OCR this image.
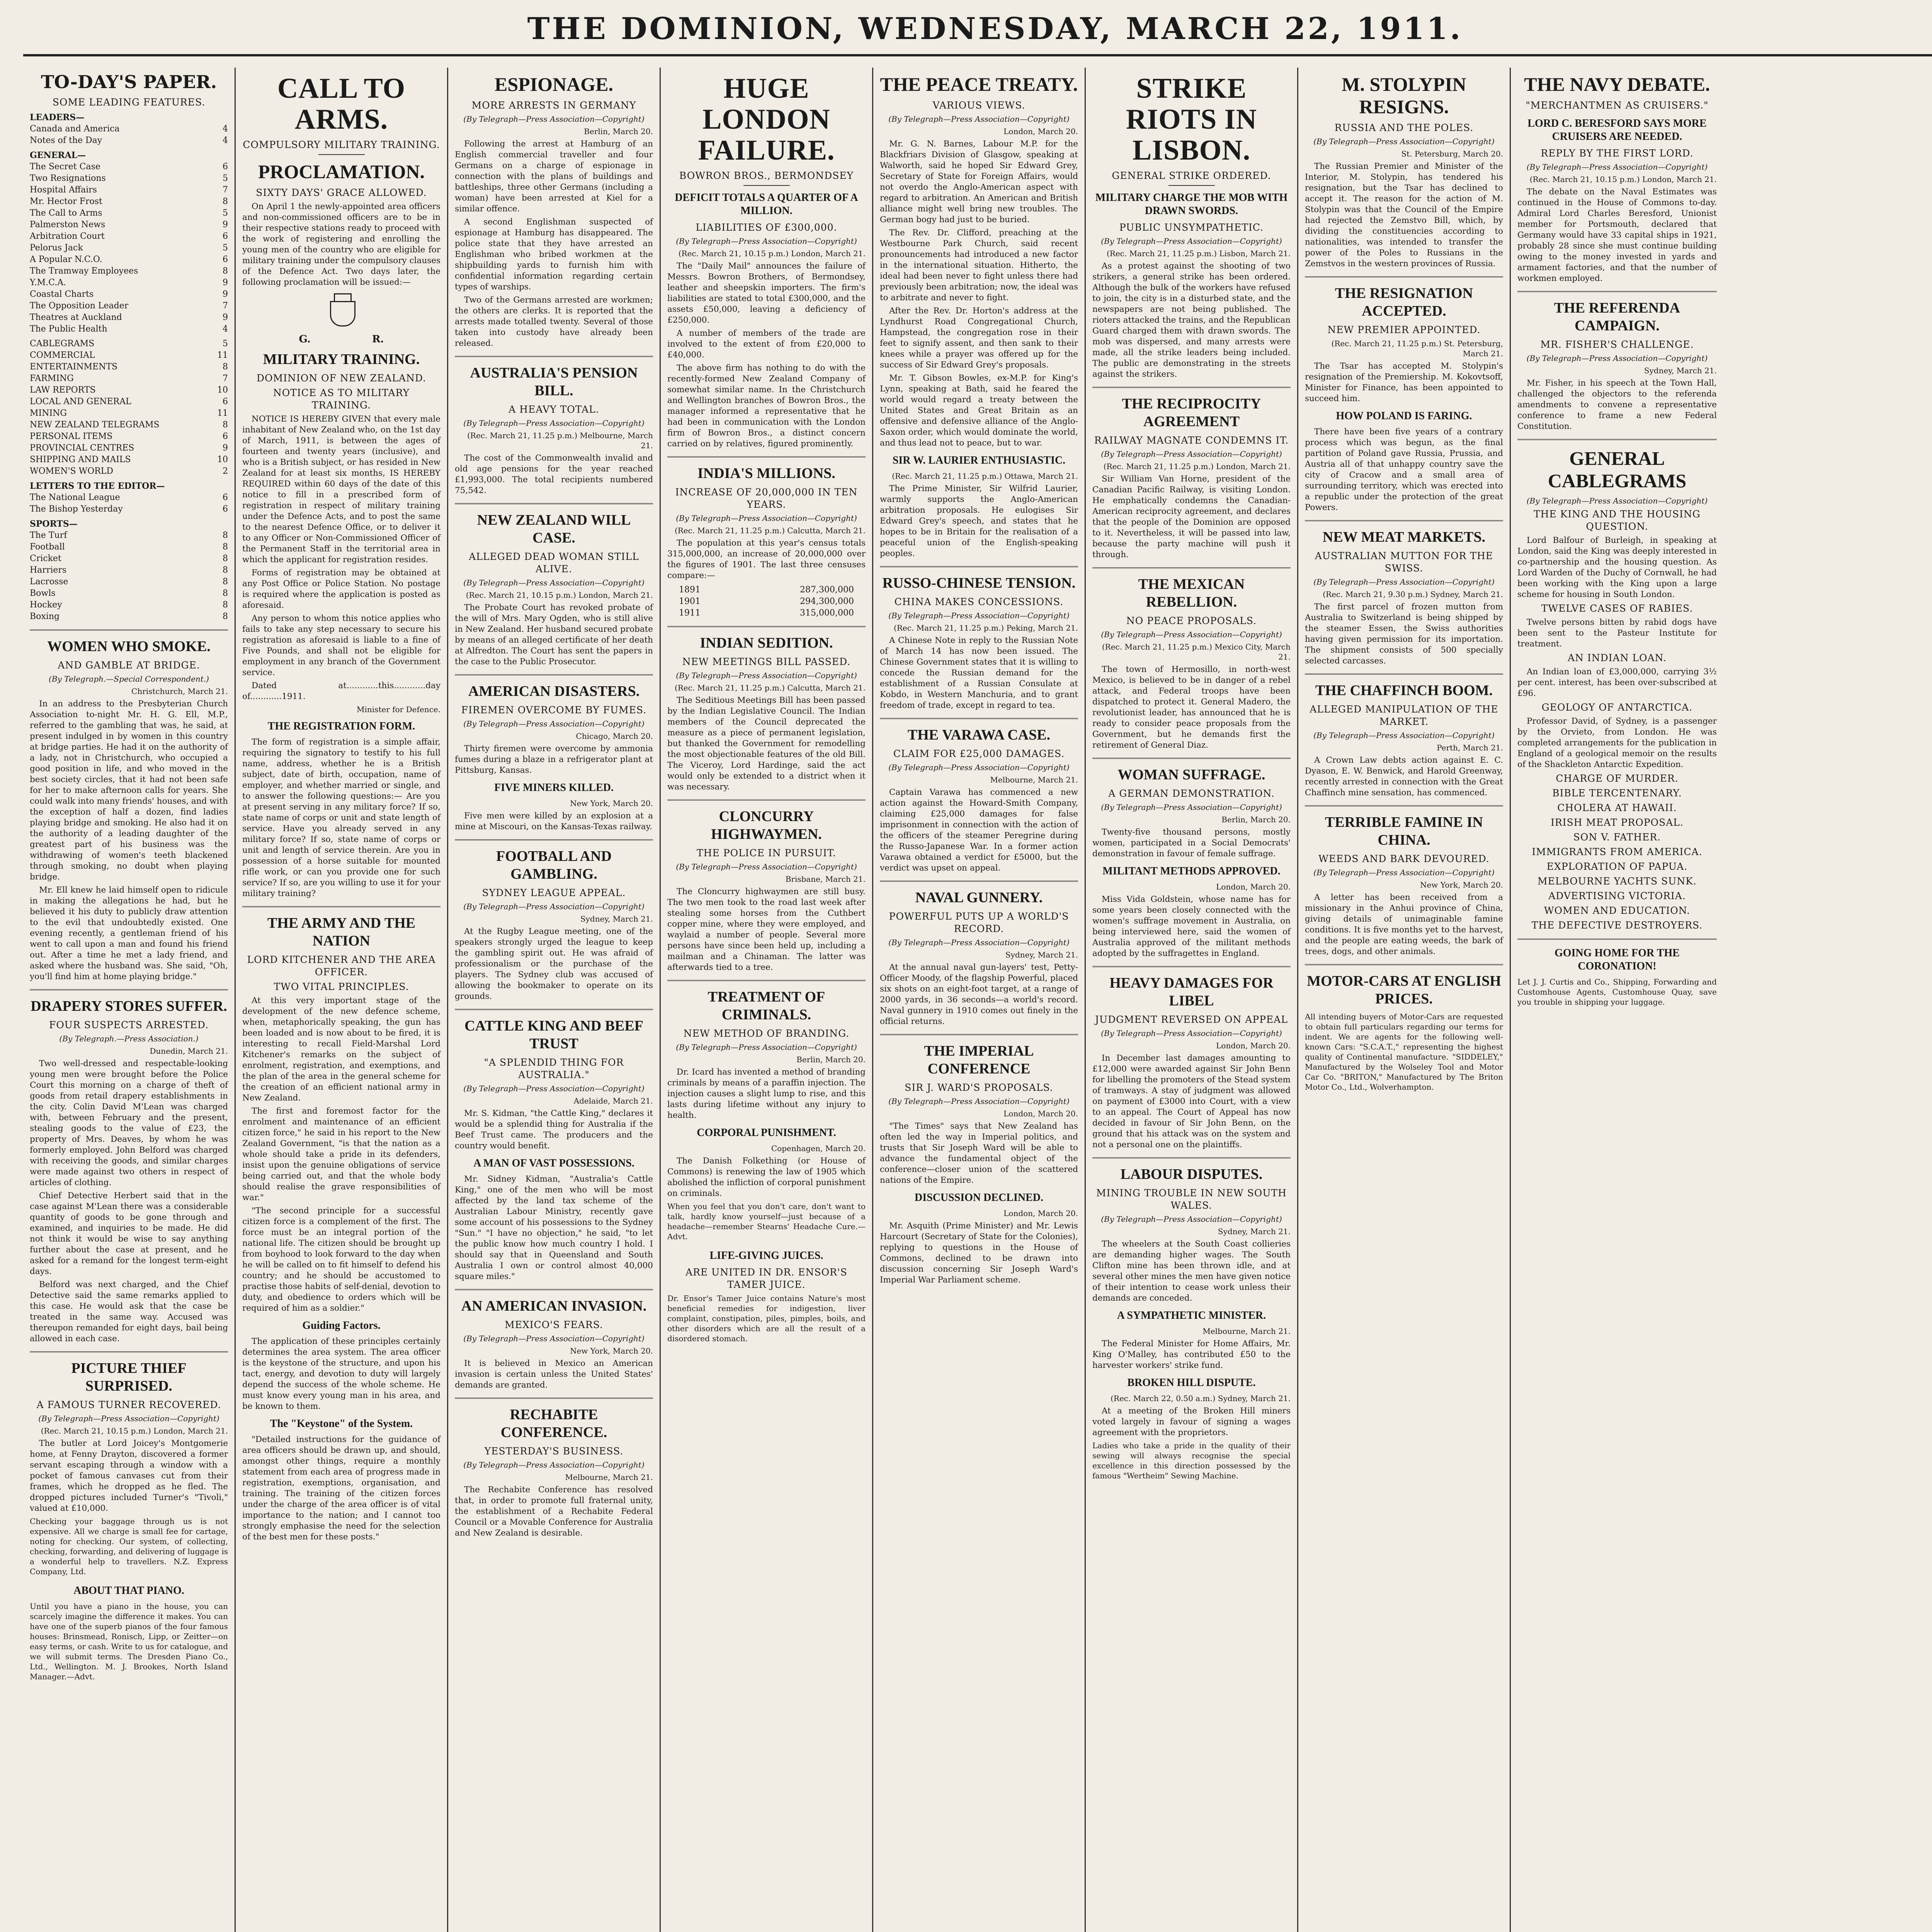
THE DOMINION, WEDNESDAY, MARCH 22, 1911.
TO-DAY'S PAPER.
SOME LEADING FEATURES.
LEADERS—
Canada and America	4
Notes of the Day	4
GENERAL—
The Secret Case	6
Two Resignations	5
Hospital Affairs	7
Mr. Hector Frost	8
The Call to Arms	5
Palmerston News	9
Arbitration Court	6
Pelorus Jack	5
A Popular N.C.O.	6
The Tramway Employees	8
Y.M.C.A.	9
Coastal Charts	9
The Opposition Leader	7
Theatres at Auckland	9
The Public Health	4
CABLEGRAMS	5
COMMERCIAL	11
ENTERTAINMENTS	8
FARMING	7
LAW REPORTS	10
LOCAL AND GENERAL	6
MINING	11
NEW ZEALAND TELEGRAMS	8
PERSONAL ITEMS	6
PROVINCIAL CENTRES	9
SHIPPING AND MAILS	10
WOMEN'S WORLD	2
LETTERS TO THE EDITOR—
The National League	6
The Bishop Yesterday	6
SPORTS—
The Turf	8
Football	8
Cricket	8
Harriers	8
Lacrosse	8
Bowls	8
Hockey	8
Boxing	8
WOMEN WHO SMOKE.
AND GAMBLE AT BRIDGE.
(By Telegraph.—Special Correspondent.)
Christchurch, March 21.

In an address to the Presbyterian Church Association to-night Mr. H. G. Ell, M.P., referred to the gambling that was, he said, at present indulged in by women in this country at bridge parties. He had it on the authority of a lady, not in Christchurch, who occupied a good position in life, and who moved in the best society circles, that it had not been safe for her to make afternoon calls for years. She could walk into many friends' houses, and with the exception of half a dozen, find ladies playing bridge and smoking. He also had it on the authority of a leading daughter of the greatest part of his business was the withdrawing of women's teeth blackened through smoking, no doubt when playing bridge.

Mr. Ell knew he laid himself open to ridicule in making the allegations he had, but he believed it his duty to publicly draw attention to the evil that undoubtedly existed. One evening recently, a gentleman friend of his went to call upon a man and found his friend out. After a time he met a lady friend, and asked where the husband was. She said, "Oh, you'll find him at home playing bridge."

DRAPERY STORES SUFFER.
FOUR SUSPECTS ARRESTED.
(By Telegraph.—Press Association.)
Dunedin, March 21.

Two well-dressed and respectable-looking young men were brought before the Police Court this morning on a charge of theft of goods from retail drapery establishments in the city. Colin David M'Lean was charged with, between February and the present, stealing goods to the value of £23, the property of Mrs. Deaves, by whom he was formerly employed. John Belford was charged with receiving the goods, and similar charges were made against two others in respect of articles of clothing.

Chief Detective Herbert said that in the case against M'Lean there was a considerable quantity of goods to be gone through and examined, and inquiries to be made. He did not think it would be wise to say anything further about the case at present, and he asked for a remand for the longest term-eight days.

Belford was next charged, and the Chief Detective said the same remarks applied to this case. He would ask that the case be treated in the same way. Accused was thereupon remanded for eight days, bail being allowed in each case.

PICTURE THIEF SURPRISED.
A FAMOUS TURNER RECOVERED.
(By Telegraph—Press Association—Copyright)
(Rec. March 21, 10.15 p.m.) London, March 21.

The butler at Lord Joicey's Montgomerie home, at Fenny Drayton, discovered a former servant escaping through a window with a pocket of famous canvases cut from their frames, which he dropped as he fled. The dropped pictures included Turner's "Tivoli," valued at £10,000.

Checking your baggage through us is not expensive. All we charge is small fee for cartage, noting for checking. Our system, of collecting, checking, forwarding, and delivering of luggage is a wonderful help to travellers. N.Z. Express Company, Ltd.

ABOUT THAT PIANO.

Until you have a piano in the house, you can scarcely imagine the difference it makes. You can have one of the superb pianos of the four famous houses: Brinsmead, Ronisch, Lipp, or Zeitter—on easy terms, or cash. Write to us for catalogue, and we will submit terms. The Dresden Piano Co., Ltd., Wellington. M. J. Brookes, North Island Manager.—Advt.

CALL TO ARMS.
COMPULSORY MILITARY TRAINING.
PROCLAMATION.
SIXTY DAYS' GRACE ALLOWED.

On April 1 the newly-appointed area officers and non-commissioned officers are to be in their respective stations ready to proceed with the work of registering and enrolling the young men of the country who are eligible for military training under the compulsory clauses of the Defence Act. Two days later, the following proclamation will be issued:—

G.	R.
MILITARY TRAINING.
DOMINION OF NEW ZEALAND.
NOTICE AS TO MILITARY TRAINING.

NOTICE IS HEREBY GIVEN that every male inhabitant of New Zealand who, on the 1st day of March, 1911, is between the ages of fourteen and twenty years (inclusive), and who is a British subject, or has resided in New Zealand for at least six months, IS HEREBY REQUIRED within 60 days of the date of this notice to fill in a prescribed form of registration in respect of military training under the Defence Acts, and to post the same to the nearest Defence Office, or to deliver it to any Officer or Non-Commissioned Officer of the Permanent Staff in the territorial area in which the applicant for registration resides.

Forms of registration may be obtained at any Post Office or Police Station. No postage is required where the application is posted as aforesaid.

Any person to whom this notice applies who fails to take any step necessary to secure his registration as aforesaid is liable to a fine of Five Pounds, and shall not be eligible for employment in any branch of the Government service.

Dated at............this............day of............1911.

Minister for Defence.
THE REGISTRATION FORM.

The form of registration is a simple affair, requiring the signatory to testify to his full name, address, whether he is a British subject, date of birth, occupation, name of employer, and whether married or single, and to answer the following questions:— Are you at present serving in any military force? If so, state name of corps or unit and state length of service. Have you already served in any military force? If so, state name of corps or unit and length of service therein. Are you in possession of a horse suitable for mounted rifle work, or can you provide one for such service? If so, are you willing to use it for your military training?

THE ARMY AND THE NATION
LORD KITCHENER AND THE AREA OFFICER.
TWO VITAL PRINCIPLES.

At this very important stage of the development of the new defence scheme, when, metaphorically speaking, the gun has been loaded and is now about to be fired, it is interesting to recall Field-Marshal Lord Kitchener's remarks on the subject of enrolment, registration, and exemptions, and the plan of the area in the general scheme for the creation of an efficient national army in New Zealand.

The first and foremost factor for the enrolment and maintenance of an efficient citizen force," he said in his report to the New Zealand Government, "is that the nation as a whole should take a pride in its defenders, insist upon the genuine obligations of service being carried out, and that the whole body should realise the grave responsibilities of war."

"The second principle for a successful citizen force is a complement of the first. The force must be an integral portion of the national life. The citizen should be brought up from boyhood to look forward to the day when he will be called on to fit himself to defend his country; and he should be accustomed to practise those habits of self-denial, devotion to duty, and obedience to orders which will be required of him as a soldier."

Guiding Factors.

The application of these principles certainly determines the area system. The area officer is the keystone of the structure, and upon his tact, energy, and devotion to duty will largely depend the success of the whole scheme. He must know every young man in his area, and be known to them.

The "Keystone" of the System.

"Detailed instructions for the guidance of area officers should be drawn up, and should, amongst other things, require a monthly statement from each area of progress made in registration, exemptions, organisation, and training. The training of the citizen forces under the charge of the area officer is of vital importance to the nation; and I cannot too strongly emphasise the need for the selection of the best men for these posts."

ESPIONAGE.
MORE ARRESTS IN GERMANY
(By Telegraph—Press Association—Copyright)
Berlin, March 20.

Following the arrest at Hamburg of an English commercial traveller and four Germans on a charge of espionage in connection with the plans of buildings and battleships, three other Germans (including a woman) have been arrested at Kiel for a similar offence.

A second Englishman suspected of espionage at Hamburg has disappeared. The police state that they have arrested an Englishman who bribed workmen at the shipbuilding yards to furnish him with confidential information regarding certain types of warships.

Two of the Germans arrested are workmen; the others are clerks. It is reported that the arrests made totalled twenty. Several of those taken into custody have already been released.

AUSTRALIA'S PENSION BILL.
A HEAVY TOTAL.
(By Telegraph—Press Association—Copyright)
(Rec. March 21, 11.25 p.m.) Melbourne, March 21.

The cost of the Commonwealth invalid and old age pensions for the year reached £1,993,000. The total recipients numbered 75,542.

NEW ZEALAND WILL CASE.
ALLEGED DEAD WOMAN STILL ALIVE.
(By Telegraph—Press Association—Copyright)
(Rec. March 21, 10.15 p.m.) London, March 21.

The Probate Court has revoked probate of the will of Mrs. Mary Ogden, who is still alive in New Zealand. Her husband secured probate by means of an alleged certificate of her death at Alfredton. The Court has sent the papers in the case to the Public Prosecutor.

AMERICAN DISASTERS.
FIREMEN OVERCOME BY FUMES.
(By Telegraph—Press Association—Copyright)
Chicago, March 20.

Thirty firemen were overcome by ammonia fumes during a blaze in a refrigerator plant at Pittsburg, Kansas.

FIVE MINERS KILLED.
New York, March 20.

Five men were killed by an explosion at a mine at Miscouri, on the Kansas-Texas railway.

FOOTBALL AND GAMBLING.
SYDNEY LEAGUE APPEAL.
(By Telegraph—Press Association—Copyright)
Sydney, March 21.

At the Rugby League meeting, one of the speakers strongly urged the league to keep the gambling spirit out. He was afraid of professionalism or the purchase of the players. The Sydney club was accused of allowing the bookmaker to operate on its grounds.

CATTLE KING AND BEEF TRUST
"A SPLENDID THING FOR AUSTRALIA."
(By Telegraph—Press Association—Copyright)
Adelaide, March 21.

Mr. S. Kidman, "the Cattle King," declares it would be a splendid thing for Australia if the Beef Trust came. The producers and the country would benefit.

A MAN OF VAST POSSESSIONS.

Mr. Sidney Kidman, "Australia's Cattle King," one of the men who will be most affected by the land tax scheme of the Australian Labour Ministry, recently gave some account of his possessions to the Sydney "Sun." "I have no objection," he said, "to let the public know how much country I hold. I should say that in Queensland and South Australia I own or control almost 40,000 square miles."

AN AMERICAN INVASION.
MEXICO'S FEARS.
(By Telegraph—Press Association—Copyright)
New York, March 20.

It is believed in Mexico an American invasion is certain unless the United States' demands are granted.

RECHABITE CONFERENCE.
YESTERDAY'S BUSINESS.
(By Telegraph—Press Association—Copyright)
Melbourne, March 21.

The Rechabite Conference has resolved that, in order to promote full fraternal unity, the establishment of a Rechabite Federal Council or a Movable Conference for Australia and New Zealand is desirable.

HUGE LONDON FAILURE.
BOWRON BROS., BERMONDSEY
DEFICIT TOTALS A QUARTER OF A MILLION.
LIABILITIES OF £300,000.
(By Telegraph—Press Association—Copyright)
(Rec. March 21, 10.15 p.m.) London, March 21.

The "Daily Mail" announces the failure of Messrs. Bowron Brothers, of Bermondsey, leather and sheepskin importers. The firm's liabilities are stated to total £300,000, and the assets £50,000, leaving a deficiency of £250,000.

A number of members of the trade are involved to the extent of from £20,000 to £40,000.

The above firm has nothing to do with the recently-formed New Zealand Company of somewhat similar name. In the Christchurch and Wellington branches of Bowron Bros., the manager informed a representative that he had been in communication with the London firm of Bowron Bros., a distinct concern carried on by relatives, figured prominently.

INDIA'S MILLIONS.
INCREASE OF 20,000,000 IN TEN YEARS.
(By Telegraph—Press Association—Copyright)
(Rec. March 21, 11.25 p.m.) Calcutta, March 21.

The population at this year's census totals 315,000,000, an increase of 20,000,000 over the figures of 1901. The last three censuses compare:—

1891	287,300,000
1901	294,300,000
1911	315,000,000
INDIAN SEDITION.
NEW MEETINGS BILL PASSED.
(By Telegraph—Press Association—Copyright)
(Rec. March 21, 11.25 p.m.) Calcutta, March 21.

The Seditious Meetings Bill has been passed by the Indian Legislative Council. The Indian members of the Council deprecated the measure as a piece of permanent legislation, but thanked the Government for remodelling the most objectionable features of the old Bill. The Viceroy, Lord Hardinge, said the act would only be extended to a district when it was necessary.

CLONCURRY HIGHWAYMEN.
THE POLICE IN PURSUIT.
(By Telegraph—Press Association—Copyright)
Brisbane, March 21.

The Cloncurry highwaymen are still busy. The two men took to the road last week after stealing some horses from the Cuthbert copper mine, where they were employed, and waylaid a number of people. Several more persons have since been held up, including a mailman and a Chinaman. The latter was afterwards tied to a tree.

TREATMENT OF CRIMINALS.
NEW METHOD OF BRANDING.
(By Telegraph—Press Association—Copyright)
Berlin, March 20.

Dr. Icard has invented a method of branding criminals by means of a paraffin injection. The injection causes a slight lump to rise, and this lasts during lifetime without any injury to health.

CORPORAL PUNISHMENT.
Copenhagen, March 20.

The Danish Folkething (or House of Commons) is renewing the law of 1905 which abolished the infliction of corporal punishment on criminals.

When you feel that you don't care, don't want to talk, hardly know yourself—just because of a headache—remember Stearns' Headache Cure.—Advt.

LIFE-GIVING JUICES.
ARE UNITED IN DR. ENSOR'S TAMER JUICE.

Dr. Ensor's Tamer Juice contains Nature's most beneficial remedies for indigestion, liver complaint, constipation, piles, pimples, boils, and other disorders which are all the result of a disordered stomach.

THE PEACE TREATY.
VARIOUS VIEWS.
(By Telegraph—Press Association—Copyright)
London, March 20.

Mr. G. N. Barnes, Labour M.P. for the Blackfriars Division of Glasgow, speaking at Walworth, said he hoped Sir Edward Grey, Secretary of State for Foreign Affairs, would not overdo the Anglo-American aspect with regard to arbitration. An American and British alliance might well bring new troubles. The German bogy had just to be buried.

The Rev. Dr. Clifford, preaching at the Westbourne Park Church, said recent pronouncements had introduced a new factor in the international situation. Hitherto, the ideal had been never to fight unless there had previously been arbitration; now, the ideal was to arbitrate and never to fight.

After the Rev. Dr. Horton's address at the Lyndhurst Road Congregational Church, Hampstead, the congregation rose in their feet to signify assent, and then sank to their knees while a prayer was offered up for the success of Sir Edward Grey's proposals.

Mr. T. Gibson Bowles, ex-M.P. for King's Lynn, speaking at Bath, said he feared the world would regard a treaty between the United States and Great Britain as an offensive and defensive alliance of the Anglo-Saxon order, which would dominate the world, and thus lead not to peace, but to war.

SIR W. LAURIER ENTHUSIASTIC.
(Rec. March 21, 11.25 p.m.) Ottawa, March 21.

The Prime Minister, Sir Wilfrid Laurier, warmly supports the Anglo-American arbitration proposals. He eulogises Sir Edward Grey's speech, and states that he hopes to be in Britain for the realisation of a peaceful union of the English-speaking peoples.

RUSSO-CHINESE TENSION.
CHINA MAKES CONCESSIONS.
(By Telegraph—Press Association—Copyright)
(Rec. March 21, 11.25 p.m.) Peking, March 21.

A Chinese Note in reply to the Russian Note of March 14 has now been issued. The Chinese Government states that it is willing to concede the Russian demand for the establishment of a Russian Consulate at Kobdo, in Western Manchuria, and to grant freedom of trade, except in regard to tea.

THE VARAWA CASE.
CLAIM FOR £25,000 DAMAGES.
(By Telegraph—Press Association—Copyright)
Melbourne, March 21.

Captain Varawa has commenced a new action against the Howard-Smith Company, claiming £25,000 damages for false imprisonment in connection with the action of the officers of the steamer Peregrine during the Russo-Japanese War. In a former action Varawa obtained a verdict for £5000, but the verdict was upset on appeal.

NAVAL GUNNERY.
POWERFUL PUTS UP A WORLD'S RECORD.
(By Telegraph—Press Association—Copyright)
Sydney, March 21.

At the annual naval gun-layers' test, Petty-Officer Moody, of the flagship Powerful, placed six shots on an eight-foot target, at a range of 2000 yards, in 36 seconds—a world's record. Naval gunnery in 1910 comes out finely in the official returns.

THE IMPERIAL CONFERENCE
SIR J. WARD'S PROPOSALS.
(By Telegraph—Press Association—Copyright)
London, March 20.

"The Times" says that New Zealand has often led the way in Imperial politics, and trusts that Sir Joseph Ward will be able to advance the fundamental object of the conference—closer union of the scattered nations of the Empire.

DISCUSSION DECLINED.
London, March 20.

Mr. Asquith (Prime Minister) and Mr. Lewis Harcourt (Secretary of State for the Colonies), replying to questions in the House of Commons, declined to be drawn into discussion concerning Sir Joseph Ward's Imperial War Parliament scheme.

STRIKE RIOTS IN LISBON.
GENERAL STRIKE ORDERED.
MILITARY CHARGE THE MOB WITH DRAWN SWORDS.
PUBLIC UNSYMPATHETIC.
(By Telegraph—Press Association—Copyright)
(Rec. March 21, 11.25 p.m.) Lisbon, March 21.

As a protest against the shooting of two strikers, a general strike has been ordered. Although the bulk of the workers have refused to join, the city is in a disturbed state, and the newspapers are not being published. The rioters attacked the trains, and the Republican Guard charged them with drawn swords. The mob was dispersed, and many arrests were made, all the strike leaders being included. The public are demonstrating in the streets against the strikers.

THE RECIPROCITY AGREEMENT
RAILWAY MAGNATE CONDEMNS IT.
(By Telegraph—Press Association—Copyright)
(Rec. March 21, 11.25 p.m.) London, March 21.

Sir William Van Horne, president of the Canadian Pacific Railway, is visiting London. He emphatically condemns the Canadian-American reciprocity agreement, and declares that the people of the Dominion are opposed to it. Nevertheless, it will be passed into law, because the party machine will push it through.

THE MEXICAN REBELLION.
NO PEACE PROPOSALS.
(By Telegraph—Press Association—Copyright)
(Rec. March 21, 11.25 p.m.) Mexico City, March 21.

The town of Hermosillo, in north-west Mexico, is believed to be in danger of a rebel attack, and Federal troops have been dispatched to protect it. General Madero, the revolutionist leader, has announced that he is ready to consider peace proposals from the Government, but he demands first the retirement of General Diaz.

WOMAN SUFFRAGE.
A GERMAN DEMONSTRATION.
(By Telegraph—Press Association—Copyright)
Berlin, March 20.

Twenty-five thousand persons, mostly women, participated in a Social Democrats' demonstration in favour of female suffrage.

MILITANT METHODS APPROVED.
London, March 20.

Miss Vida Goldstein, whose name has for some years been closely connected with the women's suffrage movement in Australia, on being interviewed here, said the women of Australia approved of the militant methods adopted by the suffragettes in England.

HEAVY DAMAGES FOR LIBEL
JUDGMENT REVERSED ON APPEAL
(By Telegraph—Press Association—Copyright)
London, March 20.

In December last damages amounting to £12,000 were awarded against Sir John Benn for libelling the promoters of the Stead system of tramways. A stay of judgment was allowed on payment of £3000 into Court, with a view to an appeal. The Court of Appeal has now decided in favour of Sir John Benn, on the ground that his attack was on the system and not a personal one on the plaintiffs.

LABOUR DISPUTES.
MINING TROUBLE IN NEW SOUTH WALES.
(By Telegraph—Press Association—Copyright)
Sydney, March 21.

The wheelers at the South Coast collieries are demanding higher wages. The South Clifton mine has been thrown idle, and at several other mines the men have given notice of their intention to cease work unless their demands are conceded.

A SYMPATHETIC MINISTER.
Melbourne, March 21.

The Federal Minister for Home Affairs, Mr. King O'Malley, has contributed £50 to the harvester workers' strike fund.

BROKEN HILL DISPUTE.
(Rec. March 22, 0.50 a.m.) Sydney, March 21.

At a meeting of the Broken Hill miners voted largely in favour of signing a wages agreement with the proprietors.

Ladies who take a pride in the quality of their sewing will always recognise the special excellence in this direction possessed by the famous "Wertheim" Sewing Machine.

M. STOLYPIN RESIGNS.
RUSSIA AND THE POLES.
(By Telegraph—Press Association—Copyright)
St. Petersburg, March 20.

The Russian Premier and Minister of the Interior, M. Stolypin, has tendered his resignation, but the Tsar has declined to accept it. The reason for the action of M. Stolypin was that the Council of the Empire had rejected the Zemstvo Bill, which, by dividing the constituencies according to nationalities, was intended to transfer the power of the Poles to Russians in the Zemstvos in the western provinces of Russia.

THE RESIGNATION ACCEPTED.
NEW PREMIER APPOINTED.
(Rec. March 21, 11.25 p.m.) St. Petersburg, March 21.

The Tsar has accepted M. Stolypin's resignation of the Premiership. M. Kokovtsoff, Minister for Finance, has been appointed to succeed him.

HOW POLAND IS FARING.

There have been five years of a contrary process which was begun, as the final partition of Poland gave Russia, Prussia, and Austria all of that unhappy country save the city of Cracow and a small area of surrounding territory, which was erected into a republic under the protection of the great Powers.

NEW MEAT MARKETS.
AUSTRALIAN MUTTON FOR THE SWISS.
(By Telegraph—Press Association—Copyright)
(Rec. March 21, 9.30 p.m.) Sydney, March 21.

The first parcel of frozen mutton from Australia to Switzerland is being shipped by the steamer Essen, the Swiss authorities having given permission for its importation. The shipment consists of 500 specially selected carcasses.

THE CHAFFINCH BOOM.
ALLEGED MANIPULATION OF THE MARKET.
(By Telegraph—Press Association—Copyright)
Perth, March 21.

A Crown Law debts action against E. C. Dyason, E. W. Benwick, and Harold Greenway, recently arrested in connection with the Great Chaffinch mine sensation, has commenced.

TERRIBLE FAMINE IN CHINA.
WEEDS AND BARK DEVOURED.
(By Telegraph—Press Association—Copyright)
New York, March 20.

A letter has been received from a missionary in the Anhui province of China, giving details of unimaginable famine conditions. It is five months yet to the harvest, and the people are eating weeds, the bark of trees, dogs, and other animals.

MOTOR-CARS AT ENGLISH PRICES.

All intending buyers of Motor-Cars are requested to obtain full particulars regarding our terms for indent. We are agents for the following well-known Cars: "S.C.A.T.," representing the highest quality of Continental manufacture. "SIDDELEY," Manufactured by the Wolseley Tool and Motor Car Co. "BRITON," Manufactured by The Briton Motor Co., Ltd., Wolverhampton.

THE NAVY DEBATE.
"MERCHANTMEN AS CRUISERS."
LORD C. BERESFORD SAYS MORE CRUISERS ARE NEEDED.
REPLY BY THE FIRST LORD.
(By Telegraph—Press Association—Copyright)
(Rec. March 21, 10.15 p.m.) London, March 21.

The debate on the Naval Estimates was continued in the House of Commons to-day. Admiral Lord Charles Beresford, Unionist member for Portsmouth, declared that Germany would have 33 capital ships in 1921, probably 28 since she must continue building owing to the money invested in yards and armament factories, and that the number of workmen employed.

THE REFERENDA CAMPAIGN.
MR. FISHER'S CHALLENGE.
(By Telegraph—Press Association—Copyright)
Sydney, March 21.

Mr. Fisher, in his speech at the Town Hall, challenged the objectors to the referenda amendments to convene a representative conference to frame a new Federal Constitution.

GENERAL CABLEGRAMS
(By Telegraph—Press Association—Copyright)
THE KING AND THE HOUSING QUESTION.

Lord Balfour of Burleigh, in speaking at London, said the King was deeply interested in co-partnership and the housing question. As Lord Warden of the Duchy of Cornwall, he had been working with the King upon a large scheme for housing in South London.

TWELVE CASES OF RABIES.

Twelve persons bitten by rabid dogs have been sent to the Pasteur Institute for treatment.

AN INDIAN LOAN.

An Indian loan of £3,000,000, carrying 3½ per cent. interest, has been over-subscribed at £96.

GEOLOGY OF ANTARCTICA.

Professor David, of Sydney, is a passenger by the Orvieto, from London. He was completed arrangements for the publication in England of a geological memoir on the results of the Shackleton Antarctic Expedition.

CHARGE OF MURDER.
BIBLE TERCENTENARY.
CHOLERA AT HAWAII.
IRISH MEAT PROPOSAL.
SON V. FATHER.
IMMIGRANTS FROM AMERICA.
EXPLORATION OF PAPUA.
MELBOURNE YACHTS SUNK.
ADVERTISING VICTORIA.
WOMEN AND EDUCATION.
THE DEFECTIVE DESTROYERS.
GOING HOME FOR THE CORONATION!

Let J. J. Curtis and Co., Shipping, Forwarding and Customhouse Agents, Customhouse Quay, save you trouble in shipping your luggage.
